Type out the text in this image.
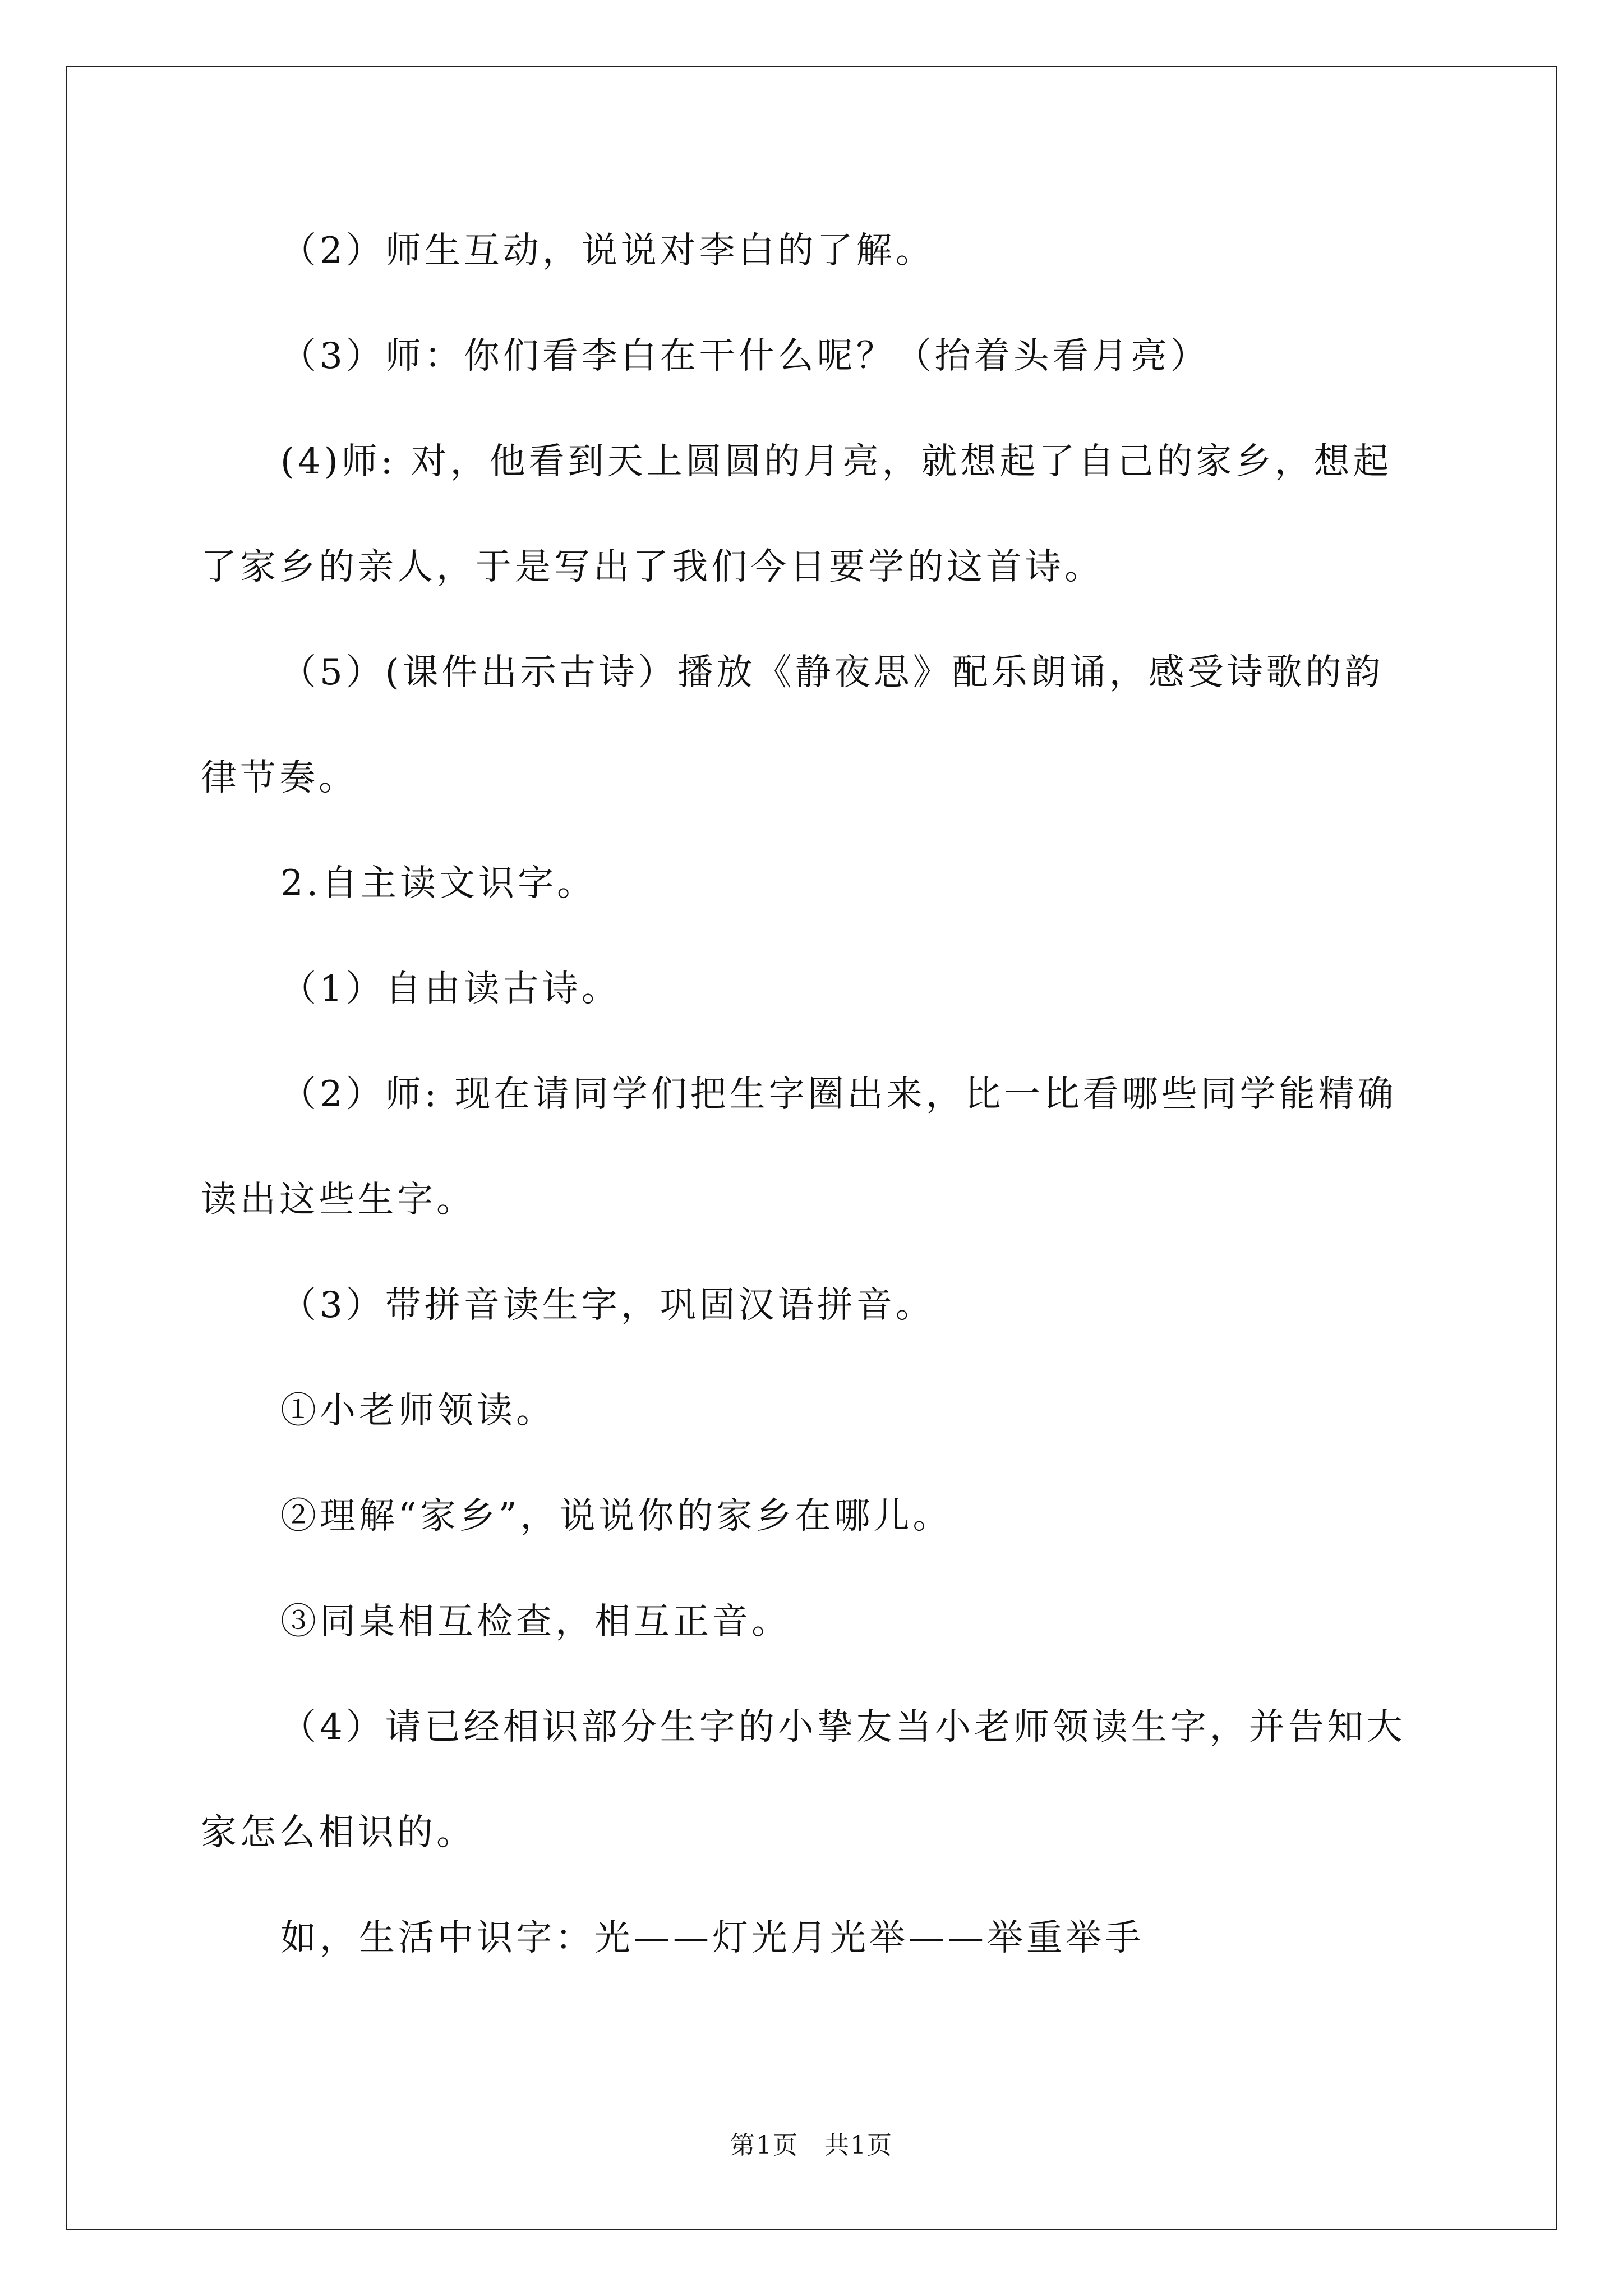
（2）师生互动，说说对李白的了解。

（3）师：你们看李白在干什么呢？（抬着头看月亮）

(4)师: 对，他看到天上圆圆的月亮，就想起了自己的家乡，想起

了家乡的亲人，于是写出了我们今日要学的这首诗。

（5）(课件出示古诗）播放《静夜思》配乐朗诵，感受诗歌的韵

律节奏。

2.自主读文识字。

（1）自由读古诗。

（2）师: 现在请同学们把生字圈出来，比一比看哪些同学能精确

读出这些生字。

（3）带拼音读生字，巩固汉语拼音。

①小老师领读。

②理解“家乡”，说说你的家乡在哪儿。

③同桌相互检查，相互正音。

（4）请已经相识部分生字的小挚友当小老师领读生字，并告知大

家怎么相识的。

如，生活中识字：光——灯光月光举——举重举手

第1页　共1页
